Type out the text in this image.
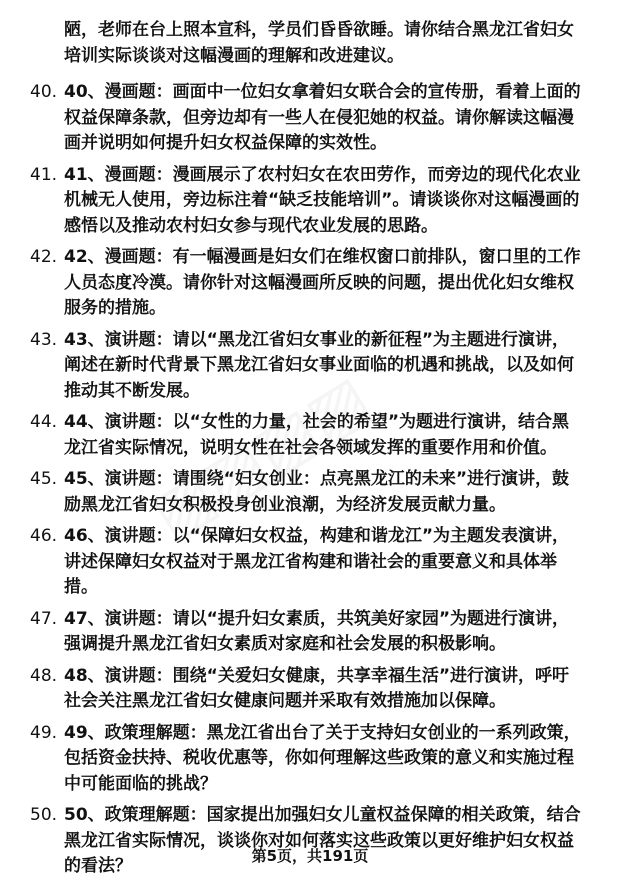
陋，老师在台上照本宣科，学员们昏昏欲睡。请你结合黑龙江省妇女培训实际谈谈对这幅漫画的理解和改进建议。
40. 40、漫画题：画面中一位妇女拿着妇女联合会的宣传册，看着上面的权益保障条款，但旁边却有一些人在侵犯她的权益。请你解读这幅漫画并说明如何提升妇女权益保障的实效性。
41. 41、漫画题：漫画展示了农村妇女在农田劳作，而旁边的现代化农业机械无人使用，旁边标注着“缺乏技能培训”。请谈谈你对这幅漫画的感悟以及推动农村妇女参与现代农业发展的思路。
42. 42、漫画题：有一幅漫画是妇女们在维权窗口前排队，窗口里的工作人员态度冷漠。请你针对这幅漫画所反映的问题，提出优化妇女维权服务的措施。
43. 43、演讲题：请以“黑龙江省妇女事业的新征程”为主题进行演讲，阐述在新时代背景下黑龙江省妇女事业面临的机遇和挑战，以及如何推动其不断发展。
44. 44、演讲题：以“女性的力量，社会的希望”为题进行演讲，结合黑龙江省实际情况，说明女性在社会各领域发挥的重要作用和价值。
45. 45、演讲题：请围绕“妇女创业：点亮黑龙江的未来”进行演讲，鼓励黑龙江省妇女积极投身创业浪潮，为经济发展贡献力量。
46. 46、演讲题：以“保障妇女权益，构建和谐龙江”为主题发表演讲，讲述保障妇女权益对于黑龙江省构建和谐社会的重要意义和具体举措。
47. 47、演讲题：请以“提升妇女素质，共筑美好家园”为题进行演讲，强调提升黑龙江省妇女素质对家庭和社会发展的积极影响。
48. 48、演讲题：围绕“关爱妇女健康，共享幸福生活”进行演讲，呼吁社会关注黑龙江省妇女健康问题并采取有效措施加以保障。
49. 49、政策理解题：黑龙江省出台了关于支持妇女创业的一系列政策，包括资金扶持、税收优惠等，你如何理解这些政策的意义和实施过程中可能面临的挑战？
50. 50、政策理解题：国家提出加强妇女儿童权益保障的相关政策，结合黑龙江省实际情况，谈谈你对如何落实这些政策以更好维护妇女权益的看法？	第5页，共191页
